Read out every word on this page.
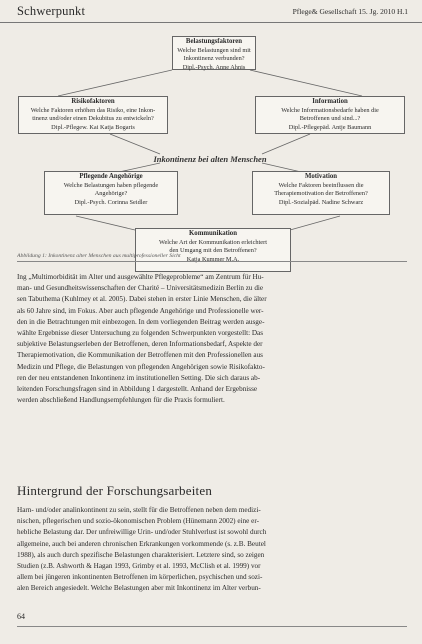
Schwerpunkt	Pflege& Gesellschaft 15. Jg. 2010 H.1
Belastungsfaktoren
Welche Belastungen sind mit
Inkontinenz verbunden?
Dipl.-Psych. Anne Ahnis
Risikofaktoren
Welche Faktoren erhöhen das Risiko, eine Inkon-
tinenz und/oder einen Dekubitus zu entwickeln?
Dipl.-Pflegew. Kai Katja Bogaris
Information
Welche Informationsbedarfe haben die
Betroffenen und sind...?
Dipl.-Pflegepäd. Antje Baumann
Inkontinenz bei alten Menschen
Pflegende Angehörige
Welche Belastungen haben pflegende
Angehörige?
Dipl.-Psych. Corinna Seidler
Motivation
Welche Faktoren beeinflussen die
Therapiemotivation der Betroffenen?
Dipl.-Sozialpäd. Nadine Schwarz
Kommunikation
Welche Art der Kommunikation erleichtert
den Umgang mit den Betroffenen?
Katja Kummer M.A.
Abbildung 1: Inkontinenz alter Menschen aus multiprofessioneller Sicht
Ing „Multimorbidität im Alter und ausgewählte Pflegeprobleme“ am Zentrum für Hu-
man- und Gesundheitswissenschaften der Charité – Universitätsmedizin Berlin zu die
sen Tabuthema (Kuhlmey et al. 2005). Dabei stehen in erster Linie Menschen, die älter
als 60 Jahre sind, im Fokus. Aber auch pflegende Angehörige und Professionelle wer-
den in die Betrachtungen mit einbezogen. In dem vorliegenden Beitrag werden ausge-
wählte Ergebnisse dieser Untersuchung zu folgenden Schwerpunkten vorgestellt: Das
subjektive Belastungserleben der Betroffenen, deren Informationsbedarf, Aspekte der
Therapiemotivation, die Kommunikation der Betroffenen mit den Professionellen aus
Medizin und Pflege, die Belastungen von pflegenden Angehörigen sowie Risikofakto-
ren der neu entstandenen Inkontinenz im institutionellen Setting. Die sich daraus ab-
leitenden Forschungsfragen sind in Abbildung 1 dargestellt. Anhand der Ergebnisse
werden abschließend Handlungsempfehlungen für die Praxis formuliert.
Hintergrund der Forschungsarbeiten
Harn- und/oder analinkontinent zu sein, stellt für die Betroffenen neben dem medizi-
nischen, pflegerischen und sozio-ökonomischen Problem (Hünemann 2002) eine er-
hebliche Belastung dar. Der unfreiwillige Urin- und/oder Stuhlverlust ist sowohl durch
allgemeine, auch bei anderen chronischen Erkrankungen vorkommende (s. z.B. Beutel
1988), als auch durch spezifische Belastungen charakterisiert. Letztere sind, so zeigen
Studien (z.B. Ashworth & Hagan 1993, Grimby et al. 1993, McClish et al. 1999) vor
allem bei jüngeren inkontinenten Betroffenen im körperlichen, psychischen und sozi-
alen Bereich angesiedelt. Welche Belastungen aber mit Inkontinenz im Alter verbun-
64
